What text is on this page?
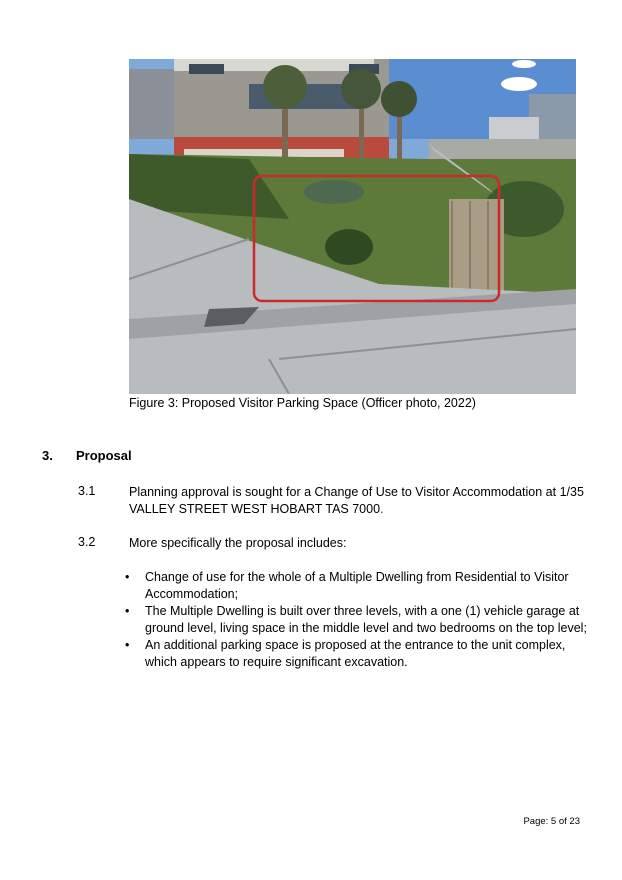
Figure 3: Proposed Visitor Parking Space (Officer photo, 2022)
3. Proposal
3.1	Planning approval is sought for a Change of Use to Visitor Accommodation at 1/35 VALLEY STREET WEST HOBART TAS 7000.
3.2	More specifically the proposal includes:
• Change of use for the whole of a Multiple Dwelling from Residential to Visitor Accommodation;
• The Multiple Dwelling is built over three levels, with a one (1) vehicle garage at ground level, living space in the middle level and two bedrooms on the top level;
• An additional parking space is proposed at the entrance to the unit complex, which appears to require significant excavation.
Page: 5 of 23
